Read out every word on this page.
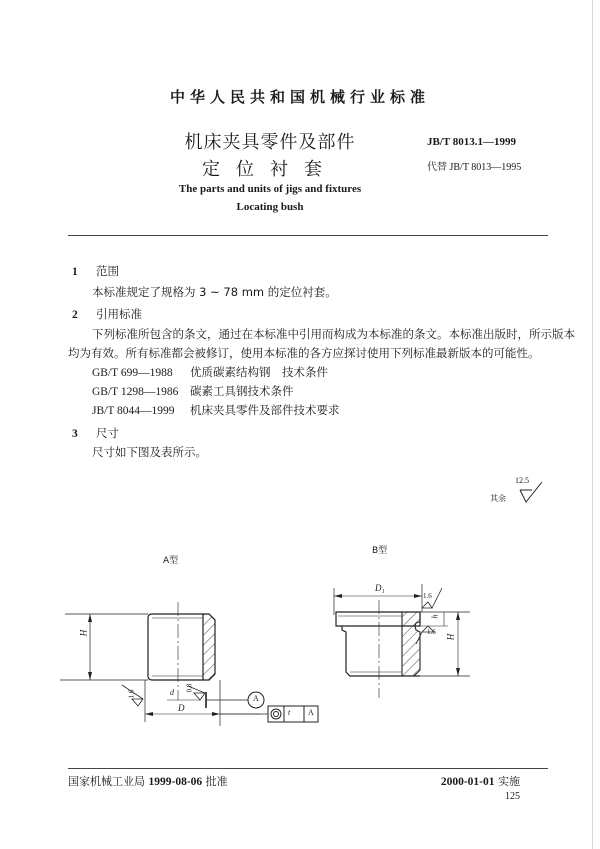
中华人民共和国机械行业标准
机床夹具零件及部件
定位衬套
JB/T 8013.1—1999
代替 JB/T 8013—1995
The parts and units of jigs and fixtures
Locating bush
1 范围
本标准规定了规格为 3 ~ 78 mm 的定位衬套。
2 引用标准
下列标准所包含的条文，通过在本标准中引用而构成为本标准的条文。本标准出版时，所示版本
均为有效。所有标准都会被修订，使用本标准的各方应探讨使用下列标准最新版本的可能性。
GB/T 699—1988 优质碳素结构钢　技术条件
GB/T 1298—1986 碳素工具钢技术条件
JB/T 8044—1999 机床夹具零件及部件技术要求
3 尺寸
尺寸如下图及表所示。
其余
12.5
A型
B型
H
D
d
1.6
0.8
A
t A
D₁
1.6
1.6
h
H
国家机械工业局 1999-08-06 批准	2000-01-01 实施
125
